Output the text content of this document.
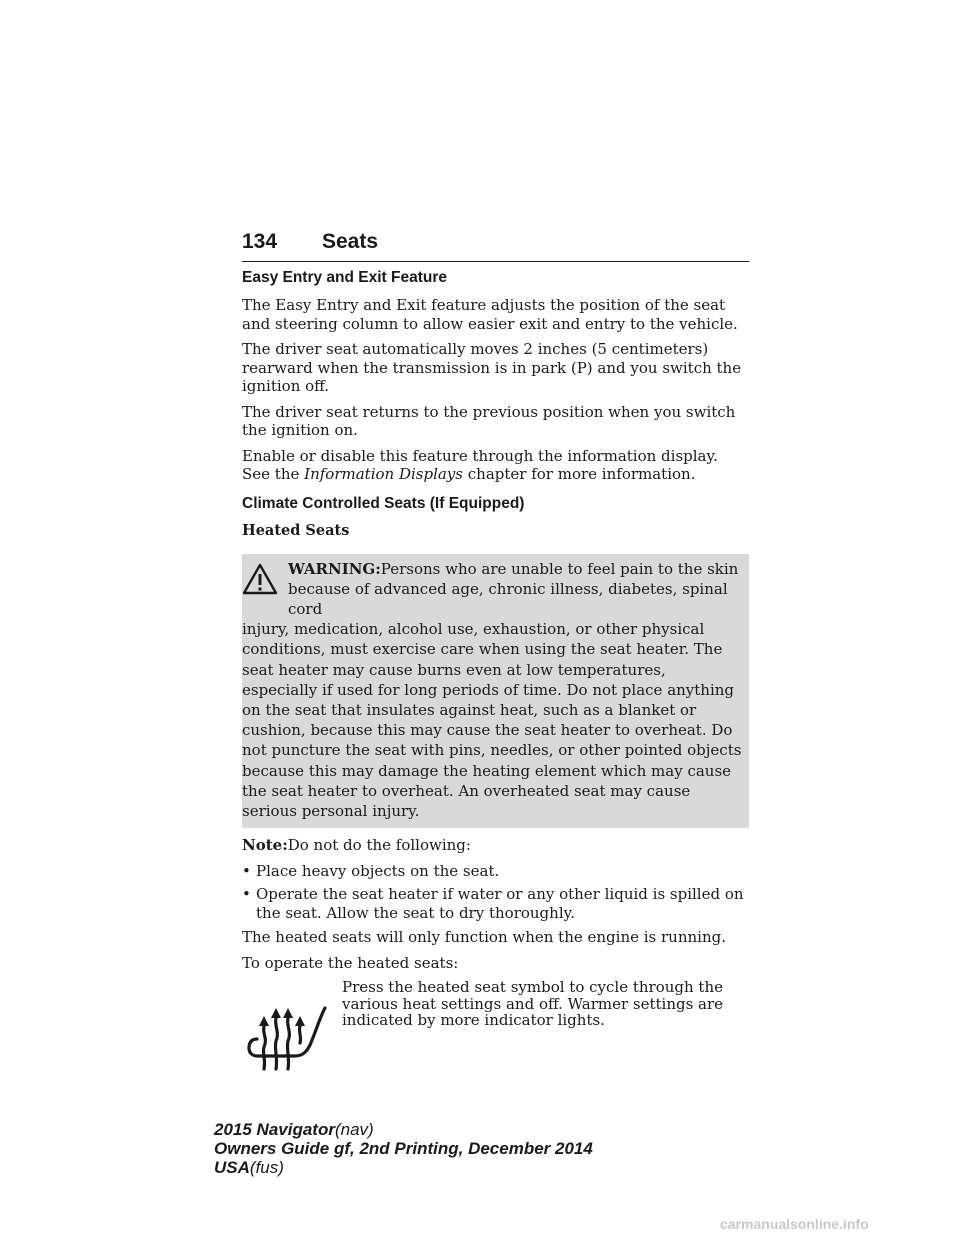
134 Seats
Easy Entry and Exit Feature

The Easy Entry and Exit feature adjusts the position of the seat and steering column to allow easier exit and entry to the vehicle.

The driver seat automatically moves 2 inches (5 centimeters) rearward when the transmission is in park (P) and you switch the ignition off.

The driver seat returns to the previous position when you switch the ignition on.

Enable or disable this feature through the information display. See the Information Displays chapter for more information.

Climate Controlled Seats (If Equipped)
Heated Seats
WARNING:Persons who are unable to feel pain to the skin
because of advanced age, chronic illness, diabetes, spinal cord
injury, medication, alcohol use, exhaustion, or other physical conditions, must exercise care when using the seat heater. The seat heater may cause burns even at low temperatures, especially if used for long periods of time. Do not place anything on the seat that insulates against heat, such as a blanket or cushion, because this may cause the seat heater to overheat. Do not puncture the seat with pins, needles, or other pointed objects because this may damage the heating element which may cause the seat heater to overheat. An overheated seat may cause serious personal injury.

Note:Do not do the following:

• Place heavy objects on the seat.
• Operate the seat heater if water or any other liquid is spilled on the seat. Allow the seat to dry thoroughly.

The heated seats will only function when the engine is running.

To operate the heated seats:

Press the heated seat symbol to cycle through the various heat settings and off. Warmer settings are indicated by more indicator lights.
2015 Navigator(nav)
Owners Guide gf, 2nd Printing, December 2014
USA(fus)
carmanualsonline.info
